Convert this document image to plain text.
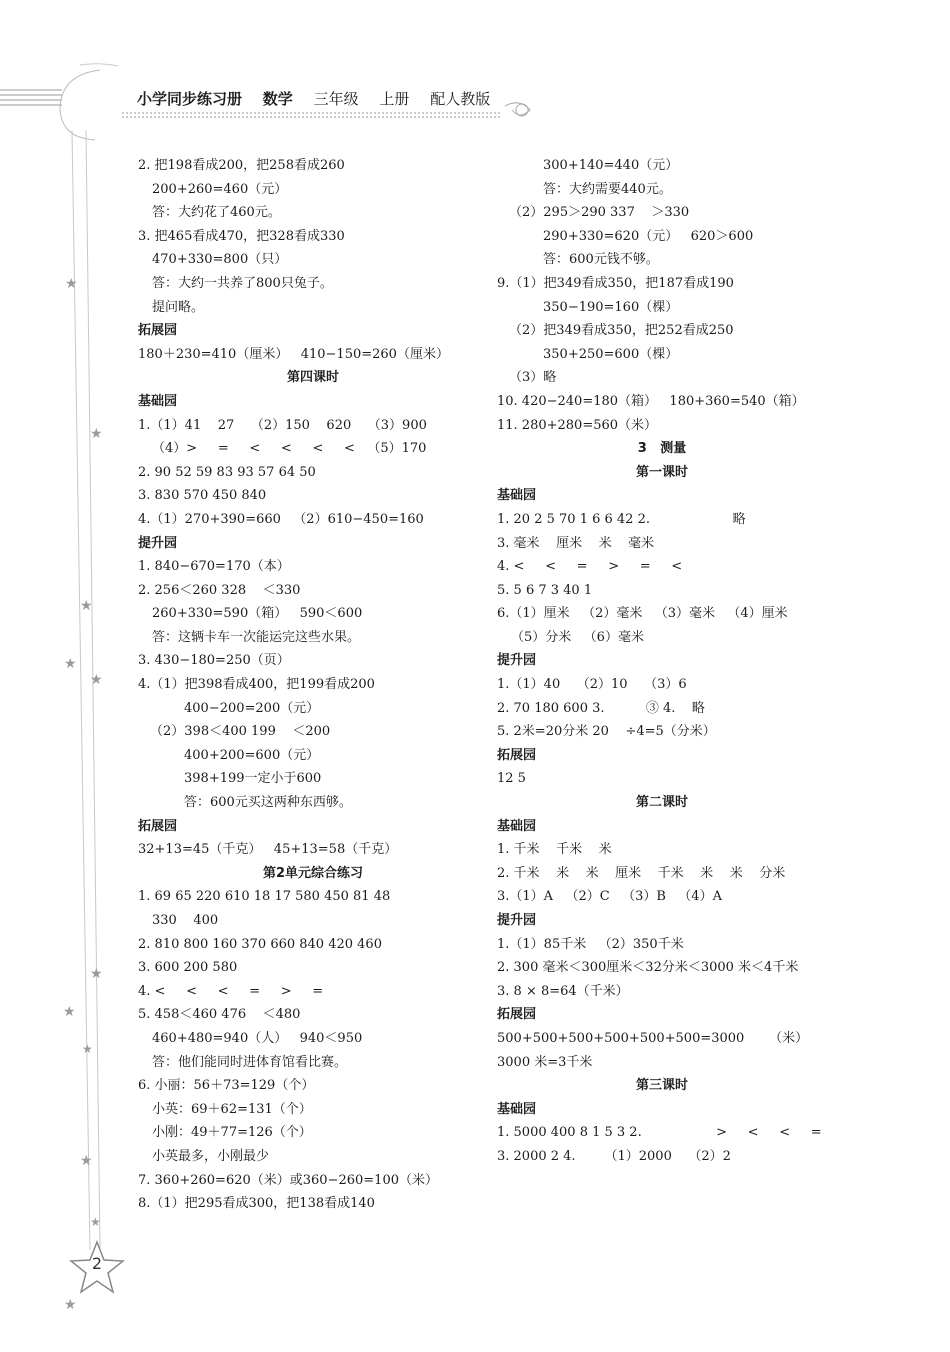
★
★
★
★
★
★
★
★
★
★
★
2
小学同步练习册 数学 三年级 上册 配人教版
2. 把198看成200，把258看成260
200+260=460（元）
答：大约花了460元。
3. 把465看成470，把328看成330
470+330=800（只）
答：大约一共养了800只兔子。
提问略。
拓展园
180＋230=410（厘米）   410−150=260（厘米）
第四课时
基础园
1.（1）41    27    （2）150    620    （3）900
（4）>     =     <     <     <     <   （5）170
2. 90 52 59 83 93 57 64 50
3. 830 570 450 840
4.（1）270+390=660   （2）610−450=160
提升园
1. 840−670=170（本）
2. 256＜260 328    ＜330
260+330=590（箱）   590＜600
答：这辆卡车一次能运完这些水果。
3. 430−180=250（页）
4.（1）把398看成400，把199看成200
400−200=200（元）
（2）398＜400 199    ＜200
400+200=600（元）
398+199一定小于600
答：600元买这两种东西够。
拓展园
32+13=45（千克）   45+13=58（千克）
第2单元综合练习
1. 69 65 220 610 18 17 580 450 81 48
330    400
2. 810 800 160 370 660 840 420 460
3. 600 200 580
4. <     <     <     =     >     =
5. 458＜460 476    ＜480
460+480=940（人）   940＜950
答：他们能同时进体育馆看比赛。
6. 小丽：56＋73=129（个）
小英：69＋62=131（个）
小刚：49＋77=126（个）
小英最多，小刚最少
7. 360+260=620（米）或360−260=100（米）
8.（1）把295看成300，把138看成140
300+140=440（元）
答：大约需要440元。
（2）295＞290 337    ＞330
290+330=620（元）   620＞600
答：600元钱不够。
9.（1）把349看成350，把187看成190
350−190=160（棵）
（2）把349看成350，把252看成250
350+250=600（棵）
（3）略
10. 420−240=180（箱）   180+360=540（箱）
11. 280+280=560（米）
3   测量
第一课时
基础园
1. 20 2 5 70 1 6 6 42 2.                    略
3. 毫米    厘米    米    毫米
4. <     <     =     >     =     <
5. 5 6 7 3 40 1
6.（1）厘米   （2）毫米   （3）毫米   （4）厘米
（5）分米   （6）毫米
提升园
1.（1）40    （2）10    （3）6
2. 70 180 600 3.          ③ 4.    略
5. 2米=20分米 20    ÷4=5（分米）
拓展园
12 5
第二课时
基础园
1. 千米    千米    米
2. 千米    米    米    厘米    千米    米    米    分米
3.（1）A   （2）C   （3）B   （4）A
提升园
1.（1）85千米   （2）350千米
2. 300 毫米＜300厘米＜32分米＜3000 米＜4千米
3. 8 × 8=64（千米）
拓展园
500+500+500+500+500+500=3000      （米）
3000 米=3千米
第三课时
基础园
1. 5000 400 8 1 5 3 2.                  >     <     <     =
3. 2000 2 4.       （1）2000    （2）2
